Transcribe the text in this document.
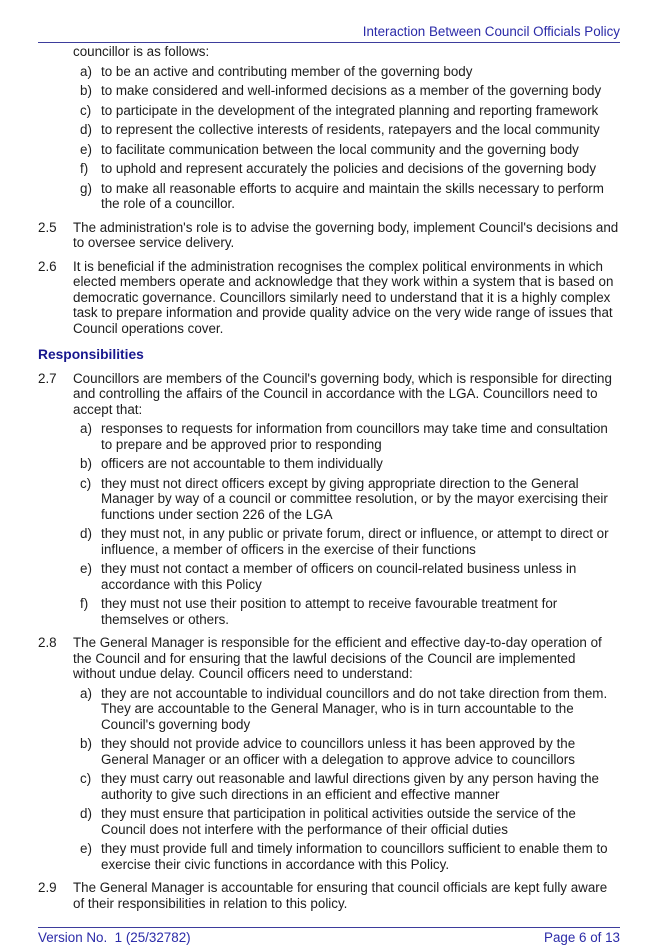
Interaction Between Council Officials Policy
councillor is as follows:
a) to be an active and contributing member of the governing body
b) to make considered and well-informed decisions as a member of the governing body
c) to participate in the development of the integrated planning and reporting framework
d) to represent the collective interests of residents, ratepayers and the local community
e) to facilitate communication between the local community and the governing body
f) to uphold and represent accurately the policies and decisions of the governing body
g) to make all reasonable efforts to acquire and maintain the skills necessary to perform the role of a councillor.
2.5	The administration's role is to advise the governing body, implement Council's decisions and to oversee service delivery.
2.6	It is beneficial if the administration recognises the complex political environments in which elected members operate and acknowledge that they work within a system that is based on democratic governance. Councillors similarly need to understand that it is a highly complex task to prepare information and provide quality advice on the very wide range of issues that Council operations cover.
Responsibilities
2.7	Councillors are members of the Council's governing body, which is responsible for directing and controlling the affairs of the Council in accordance with the LGA. Councillors need to accept that:
a) responses to requests for information from councillors may take time and consultation to prepare and be approved prior to responding
b) officers are not accountable to them individually
c) they must not direct officers except by giving appropriate direction to the General Manager by way of a council or committee resolution, or by the mayor exercising their functions under section 226 of the LGA
d) they must not, in any public or private forum, direct or influence, or attempt to direct or influence, a member of officers in the exercise of their functions
e) they must not contact a member of officers on council-related business unless in accordance with this Policy
f) they must not use their position to attempt to receive favourable treatment for themselves or others.
2.8	The General Manager is responsible for the efficient and effective day-to-day operation of the Council and for ensuring that the lawful decisions of the Council are implemented without undue delay. Council officers need to understand:
a) they are not accountable to individual councillors and do not take direction from them. They are accountable to the General Manager, who is in turn accountable to the Council's governing body
b) they should not provide advice to councillors unless it has been approved by the General Manager or an officer with a delegation to approve advice to councillors
c) they must carry out reasonable and lawful directions given by any person having the authority to give such directions in an efficient and effective manner
d) they must ensure that participation in political activities outside the service of the Council does not interfere with the performance of their official duties
e) they must provide full and timely information to councillors sufficient to enable them to exercise their civic functions in accordance with this Policy.
2.9	The General Manager is accountable for ensuring that council officials are kept fully aware of their responsibilities in relation to this policy.
Version No.  1 (25/32782)	Page 6 of 13
